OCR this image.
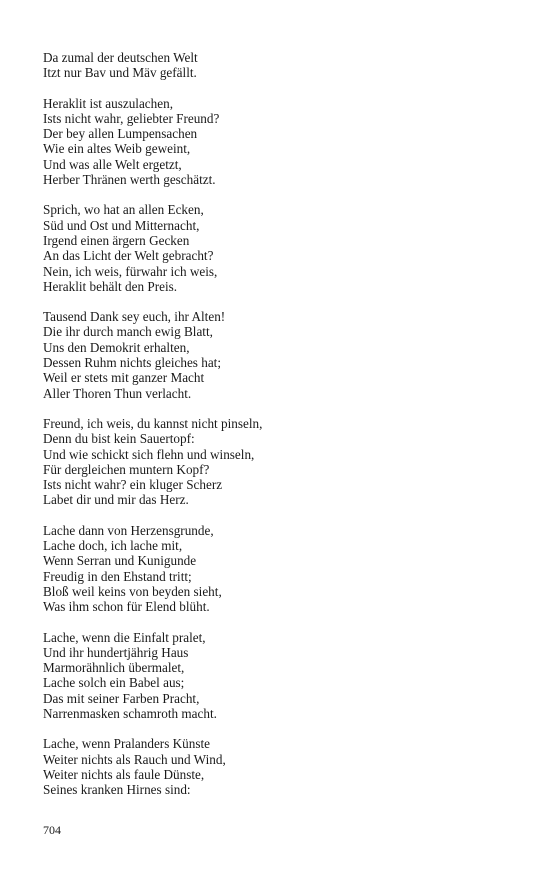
Da zumal der deutschen Welt
Itzt nur Bav und Mäv gefällt.
Heraklit ist auszulachen,
Ists nicht wahr, geliebter Freund?
Der bey allen Lumpensachen
Wie ein altes Weib geweint,
Und was alle Welt ergetzt,
Herber Thränen werth geschätzt.
Sprich, wo hat an allen Ecken,
Süd und Ost und Mitternacht,
Irgend einen ärgern Gecken
An das Licht der Welt gebracht?
Nein, ich weis, fürwahr ich weis,
Heraklit behält den Preis.
Tausend Dank sey euch, ihr Alten!
Die ihr durch manch ewig Blatt,
Uns den Demokrit erhalten,
Dessen Ruhm nichts gleiches hat;
Weil er stets mit ganzer Macht
Aller Thoren Thun verlacht.
Freund, ich weis, du kannst nicht pinseln,
Denn du bist kein Sauertopf:
Und wie schickt sich flehn und winseln,
Für dergleichen muntern Kopf?
Ists nicht wahr? ein kluger Scherz
Labet dir und mir das Herz.
Lache dann von Herzensgrunde,
Lache doch, ich lache mit,
Wenn Serran und Kunigunde
Freudig in den Ehstand tritt;
Bloß weil keins von beyden sieht,
Was ihm schon für Elend blüht.
Lache, wenn die Einfalt pralet,
Und ihr hundertjährig Haus
Marmorähnlich übermalet,
Lache solch ein Babel aus;
Das mit seiner Farben Pracht,
Narrenmasken schamroth macht.
Lache, wenn Pralanders Künste
Weiter nichts als Rauch und Wind,
Weiter nichts als faule Dünste,
Seines kranken Hirnes sind:
704
